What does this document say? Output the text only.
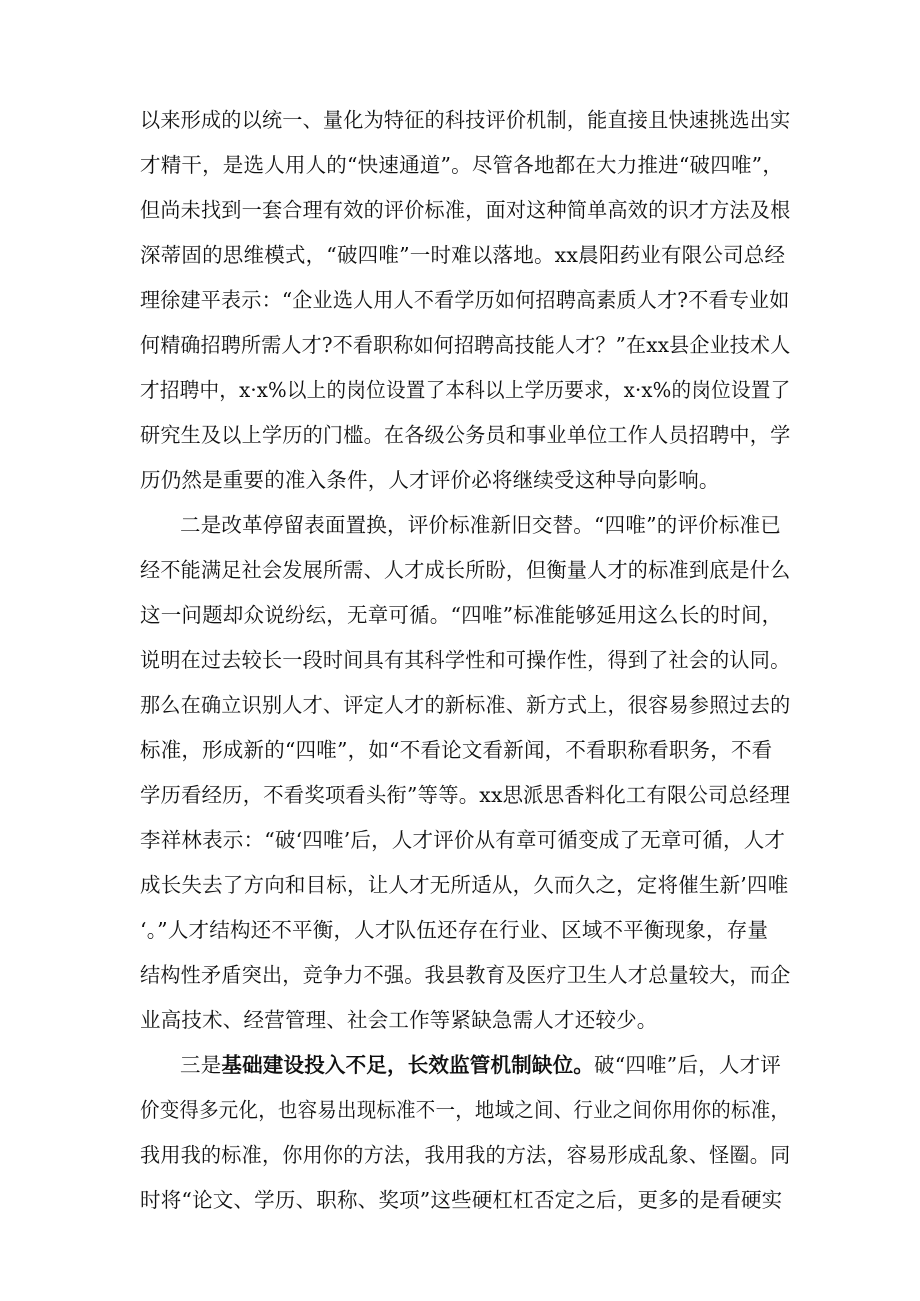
以来形成的以统一、量化为特征的科技评价机制，能直接且快速挑选出实
才精干，是选人用人的“快速通道”。尽管各地都在大力推进“破四唯”，
但尚未找到一套合理有效的评价标准，面对这种简单高效的识才方法及根
深蒂固的思维模式，“破四唯”一时难以落地。xx晨阳药业有限公司总经
理徐建平表示：“企业选人用人不看学历如何招聘高素质人才?不看专业如
何精确招聘所需人才?不看职称如何招聘高技能人才？”在xx县企业技术人
才招聘中，x·x%以上的岗位设置了本科以上学历要求，x·x%的岗位设置了
研究生及以上学历的门槛。在各级公务员和事业单位工作人员招聘中，学
历仍然是重要的准入条件，人才评价必将继续受这种导向影响。
二是改革停留表面置换，评价标准新旧交替。“四唯”的评价标准已
经不能满足社会发展所需、人才成长所盼，但衡量人才的标准到底是什么
这一问题却众说纷纭，无章可循。“四唯”标准能够延用这么长的时间，
说明在过去较长一段时间具有其科学性和可操作性，得到了社会的认同。
那么在确立识别人才、评定人才的新标准、新方式上，很容易参照过去的
标准，形成新的“四唯”，如“不看论文看新闻，不看职称看职务，不看
学历看经历，不看奖项看头衔”等等。xx思派思香料化工有限公司总经理
李祥林表示：“破‘四唯’后，人才评价从有章可循变成了无章可循，人才
成长失去了方向和目标，让人才无所适从，久而久之，定将催生新’四唯
‘。”人才结构还不平衡，人才队伍还存在行业、区域不平衡现象，存量
结构性矛盾突出，竞争力不强。我县教育及医疗卫生人才总量较大，而企
业高技术、经营管理、社会工作等紧缺急需人才还较少。
三是基础建设投入不足，长效监管机制缺位。破“四唯”后，人才评
价变得多元化，也容易出现标准不一，地域之间、行业之间你用你的标准，
我用我的标准，你用你的方法，我用我的方法，容易形成乱象、怪圈。同
时将“论文、学历、职称、奖项”这些硬杠杠否定之后，更多的是看硬实
